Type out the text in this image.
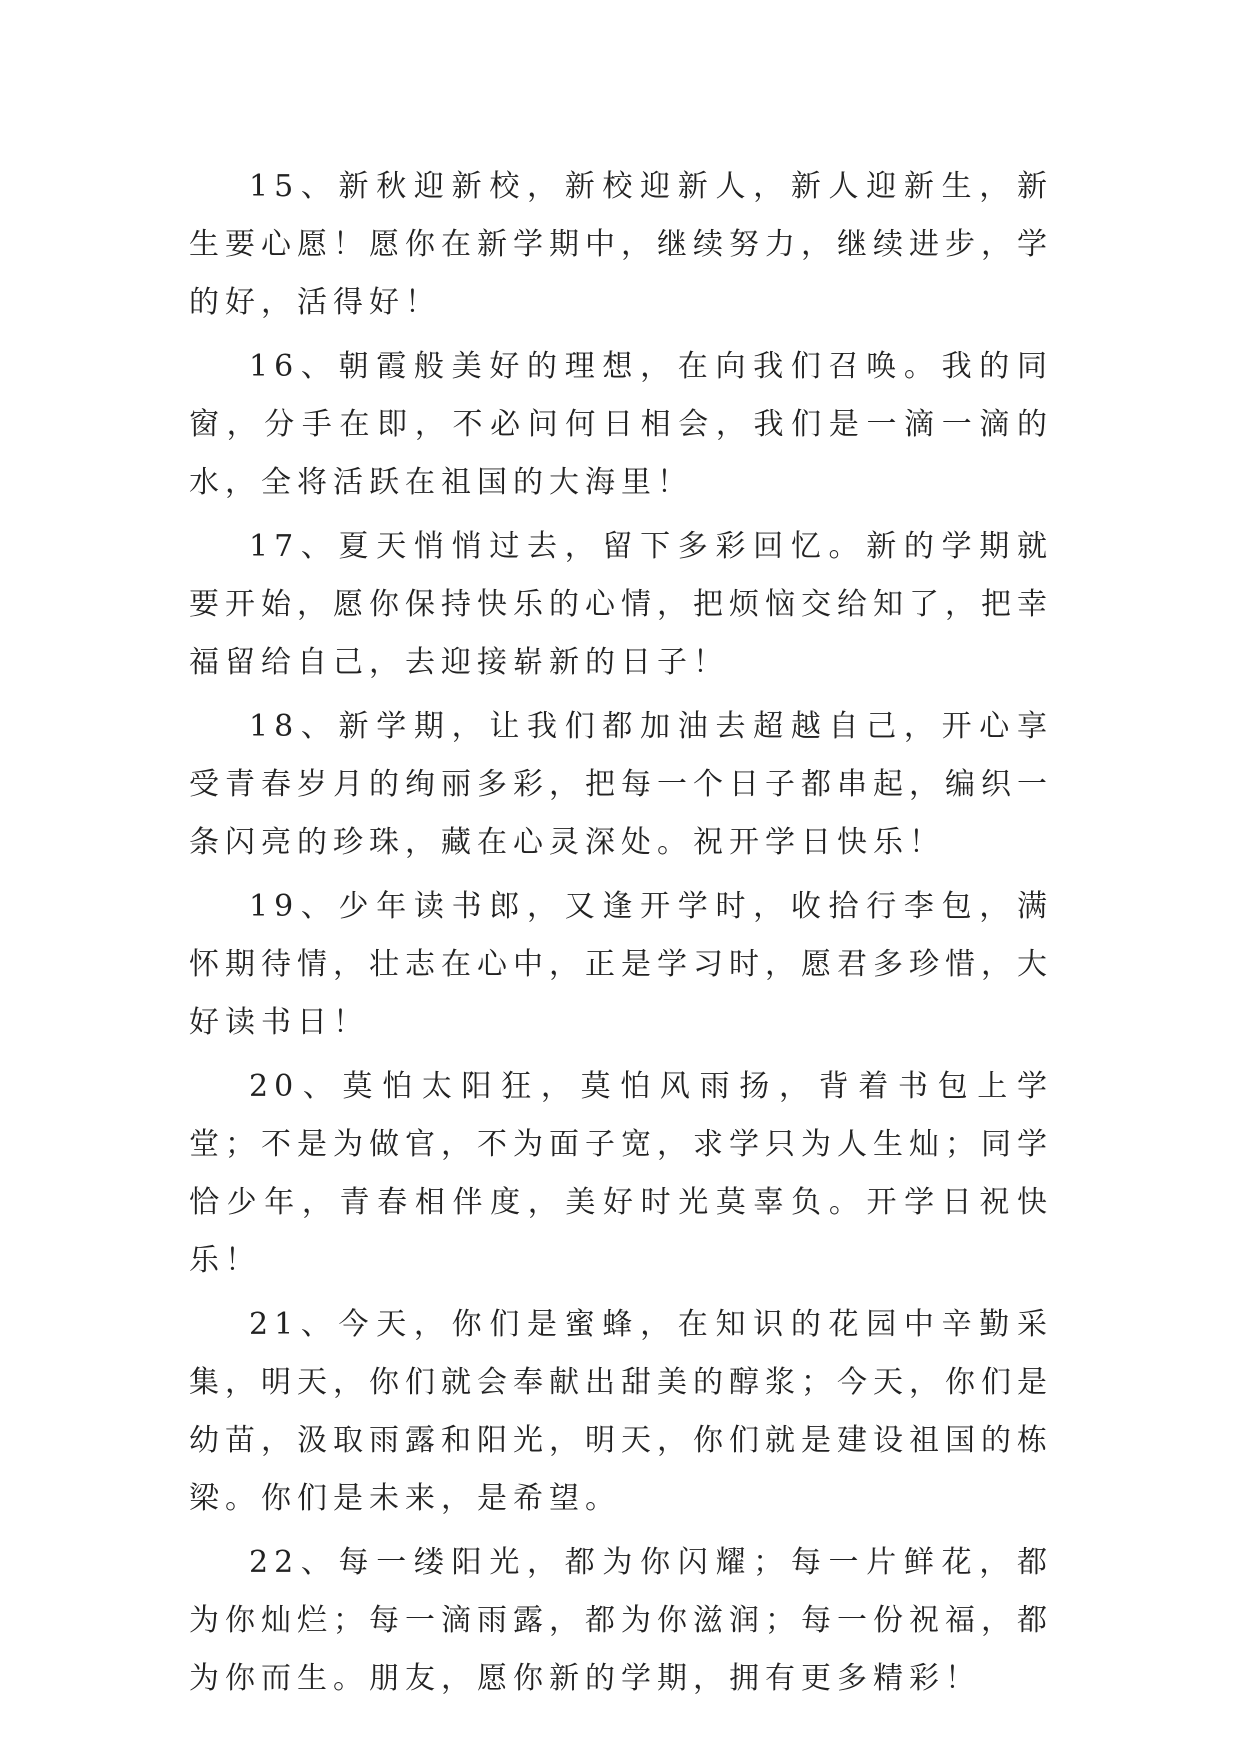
15、新秋迎新校，新校迎新人，新人迎新生，新生要心愿！愿你在新学期中，继续努力，继续进步，学的好，活得好！

16、朝霞般美好的理想，在向我们召唤。我的同窗，分手在即，不必问何日相会，我们是一滴一滴的水，全将活跃在祖国的大海里！

17、夏天悄悄过去，留下多彩回忆。新的学期就要开始，愿你保持快乐的心情，把烦恼交给知了，把幸福留给自己，去迎接崭新的日子！

18、新学期，让我们都加油去超越自己，开心享受青春岁月的绚丽多彩，把每一个日子都串起，编织一条闪亮的珍珠，藏在心灵深处。祝开学日快乐！

19、少年读书郎，又逢开学时，收拾行李包，满怀期待情，壮志在心中，正是学习时，愿君多珍惜，大好读书日！

20、莫怕太阳狂，莫怕风雨扬，背着书包上学堂；不是为做官，不为面子宽，求学只为人生灿；同学恰少年，青春相伴度，美好时光莫辜负。开学日祝快乐！

21、今天，你们是蜜蜂，在知识的花园中辛勤采集，明天，你们就会奉献出甜美的醇浆；今天，你们是幼苗，汲取雨露和阳光，明天，你们就是建设祖国的栋梁。你们是未来，是希望。

22、每一缕阳光，都为你闪耀；每一片鲜花，都为你灿烂；每一滴雨露，都为你滋润；每一份祝福，都为你而生。朋友，愿你新的学期，拥有更多精彩！
